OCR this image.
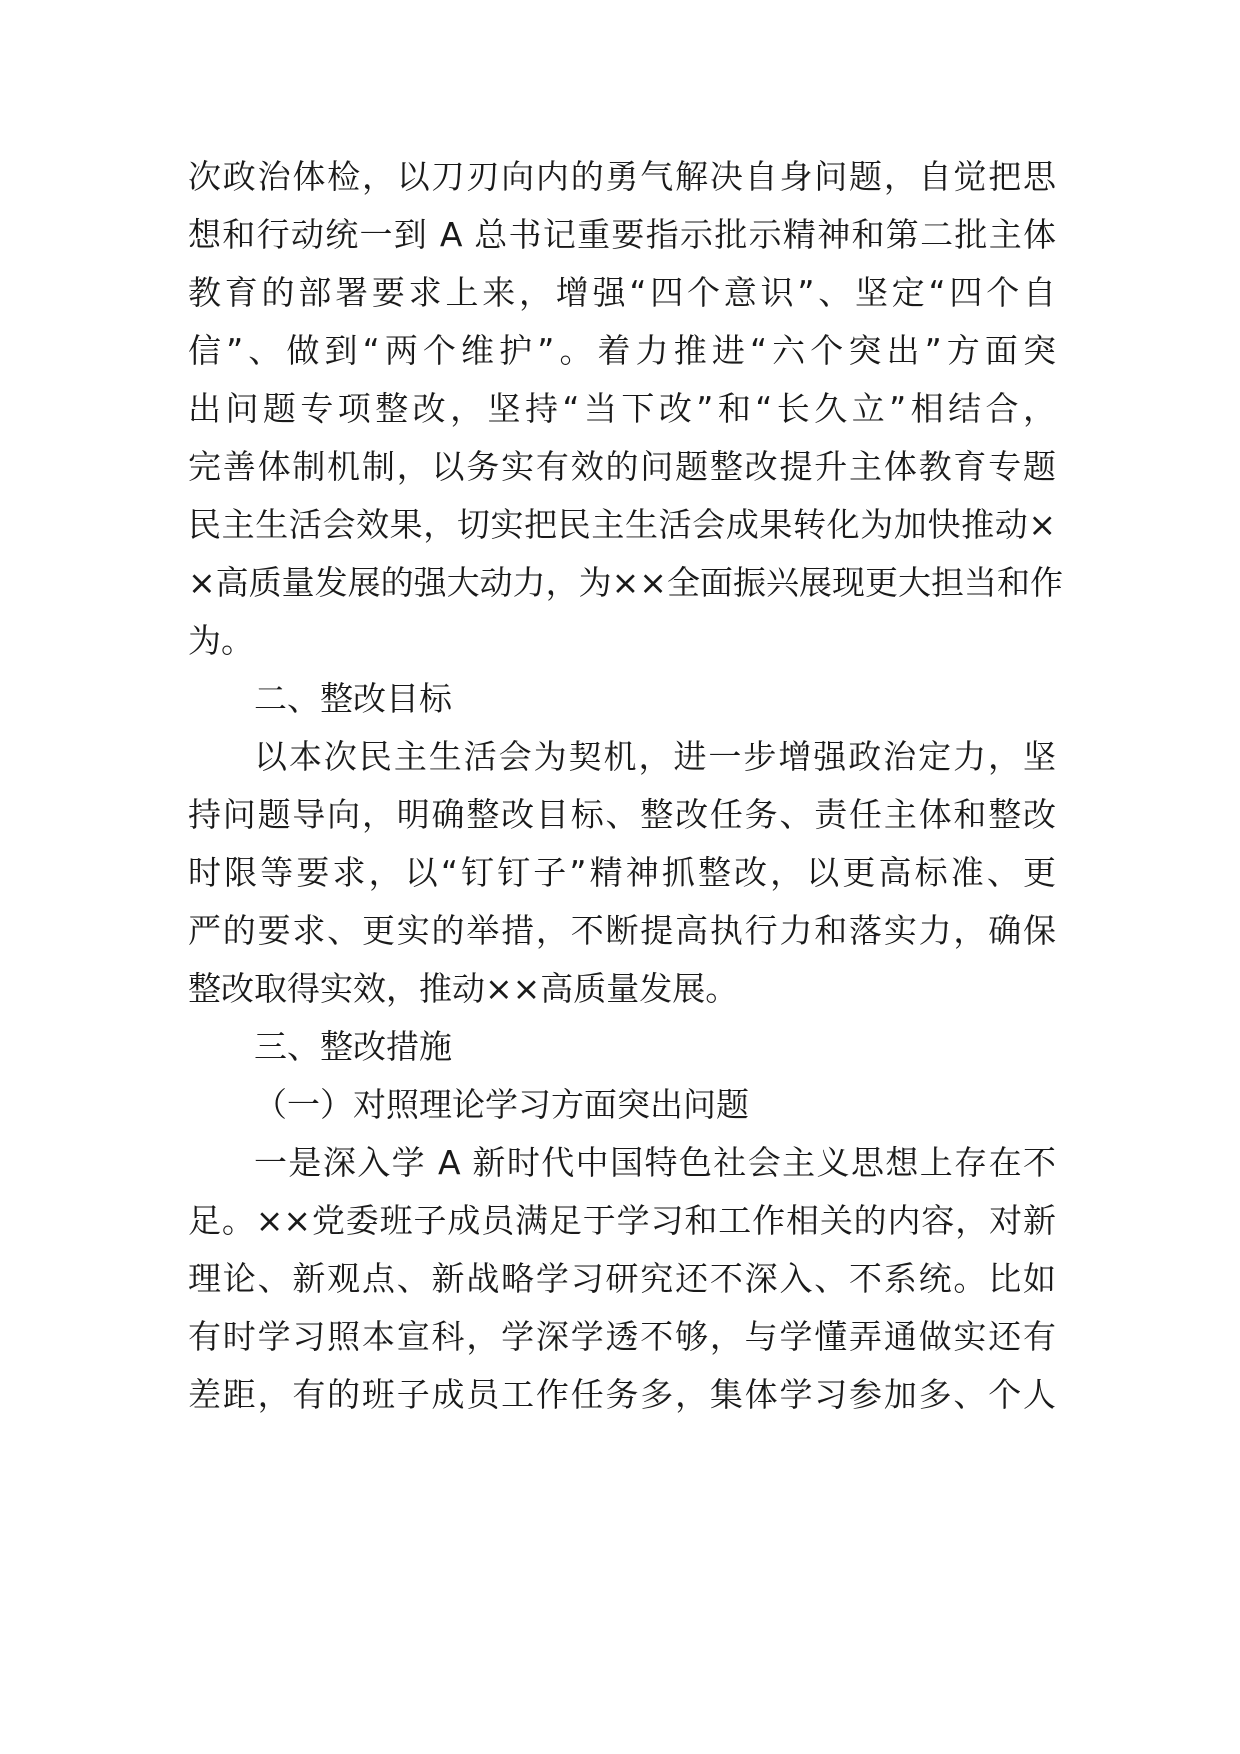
次政治体检，以刀刃向内的勇气解决自身问题，自觉把思
想和行动统一到 A 总书记重要指示批示精神和第二批主体
教育的部署要求上来，增强“四个意识”、坚定“四个自
信”、做到“两个维护”。着力推进“六个突出”方面突
出问题专项整改，坚持“当下改”和“长久立”相结合，
完善体制机制，以务实有效的问题整改提升主体教育专题
民主生活会效果，切实把民主生活会成果转化为加快推动×
×高质量发展的强大动力，为××全面振兴展现更大担当和作
为。
二、整改目标
以本次民主生活会为契机，进一步增强政治定力，坚
持问题导向，明确整改目标、整改任务、责任主体和整改
时限等要求，以“钉钉子”精神抓整改，以更高标准、更
严的要求、更实的举措，不断提高执行力和落实力，确保
整改取得实效，推动××高质量发展。
三、整改措施
（一）对照理论学习方面突出问题
一是深入学 A 新时代中国特色社会主义思想上存在不
足。××党委班子成员满足于学习和工作相关的内容，对新
理论、新观点、新战略学习研究还不深入、不系统。比如
有时学习照本宣科，学深学透不够，与学懂弄通做实还有
差距，有的班子成员工作任务多，集体学习参加多、个人
